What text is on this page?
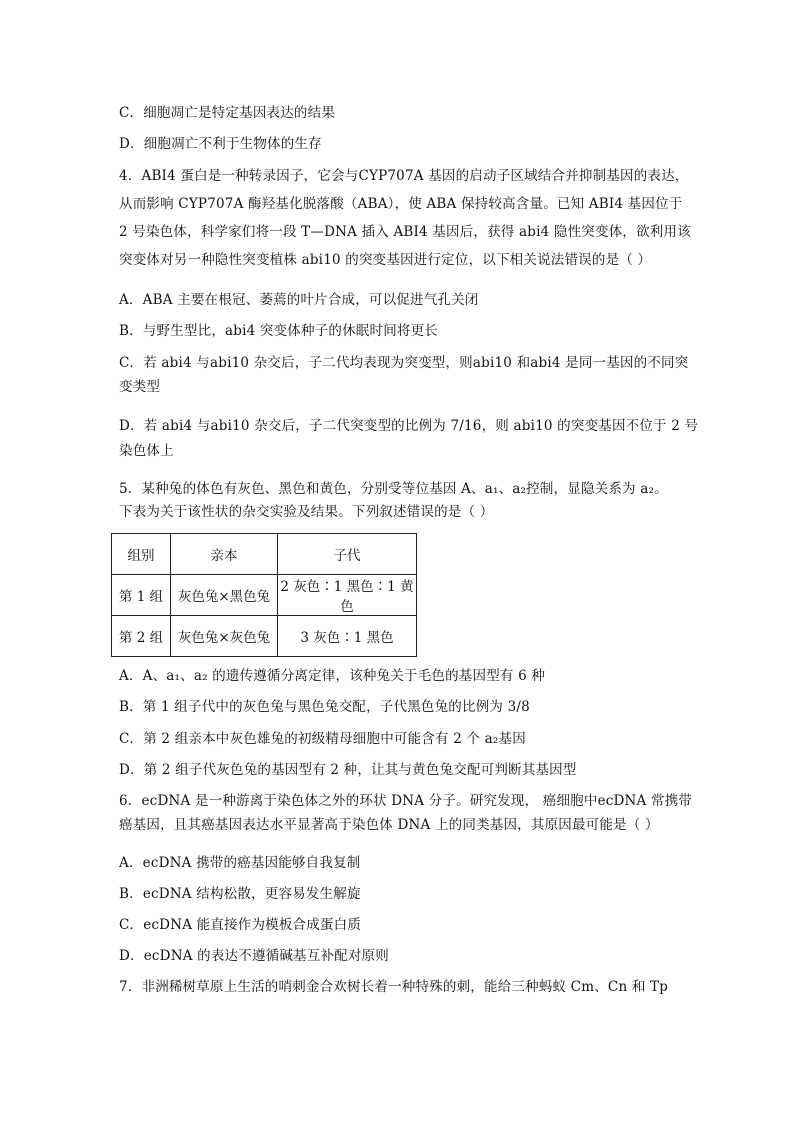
C．细胞凋亡是特定基因表达的结果
D．细胞凋亡不利于生物体的生存
4．ABI4 蛋白是一种转录因子，它会与CYP707A 基因的启动子区域结合并抑制基因的表达，
从而影响 CYP707A 酶羟基化脱落酸（ABA），使 ABA 保持较高含量。已知 ABI4 基因位于
2 号染色体，科学家们将一段 T—DNA 插入 ABI4 基因后，获得 abi4 隐性突变体，欲利用该
突变体对另一种隐性突变植株 abi10 的突变基因进行定位，以下相关说法错误的是（ ）
A．ABA 主要在根冠、萎蔫的叶片合成，可以促进气孔关闭
B．与野生型比，abi4 突变体种子的休眠时间将更长
C．若 abi4 与abi10 杂交后，子二代均表现为突变型，则abi10 和abi4 是同一基因的不同突
变类型
D．若 abi4 与abi10 杂交后，子二代突变型的比例为 7/16，则 abi10 的突变基因不位于 2 号
染色体上
5．某种兔的体色有灰色、黑色和黄色，分别受等位基因 A、a₁、a₂控制，显隐关系为 a₂。
下表为关于该性状的杂交实验及结果。下列叙述错误的是（ ）
组别	亲本	子代
第 1 组	灰色兔×黑色兔	2 灰色∶1 黑色∶1 黄色
第 2 组	灰色兔×灰色兔	3 灰色∶1 黑色
A．A、a₁、a₂ 的遗传遵循分离定律，该种兔关于毛色的基因型有 6 种
B．第 1 组子代中的灰色兔与黑色兔交配，子代黑色兔的比例为 3/8
C．第 2 组亲本中灰色雄兔的初级精母细胞中可能含有 2 个 a₂基因
D．第 2 组子代灰色兔的基因型有 2 种，让其与黄色兔交配可判断其基因型
6．ecDNA 是一种游离于染色体之外的环状 DNA 分子。研究发现， 癌细胞中ecDNA 常携带
癌基因，且其癌基因表达水平显著高于染色体 DNA 上的同类基因，其原因最可能是（ ）
A．ecDNA 携带的癌基因能够自我复制
B．ecDNA 结构松散，更容易发生解旋
C．ecDNA 能直接作为模板合成蛋白质
D．ecDNA 的表达不遵循碱基互补配对原则
7．非洲稀树草原上生活的哨刺金合欢树长着一种特殊的刺，能给三种蚂蚁 Cm、Cn 和 Tp
